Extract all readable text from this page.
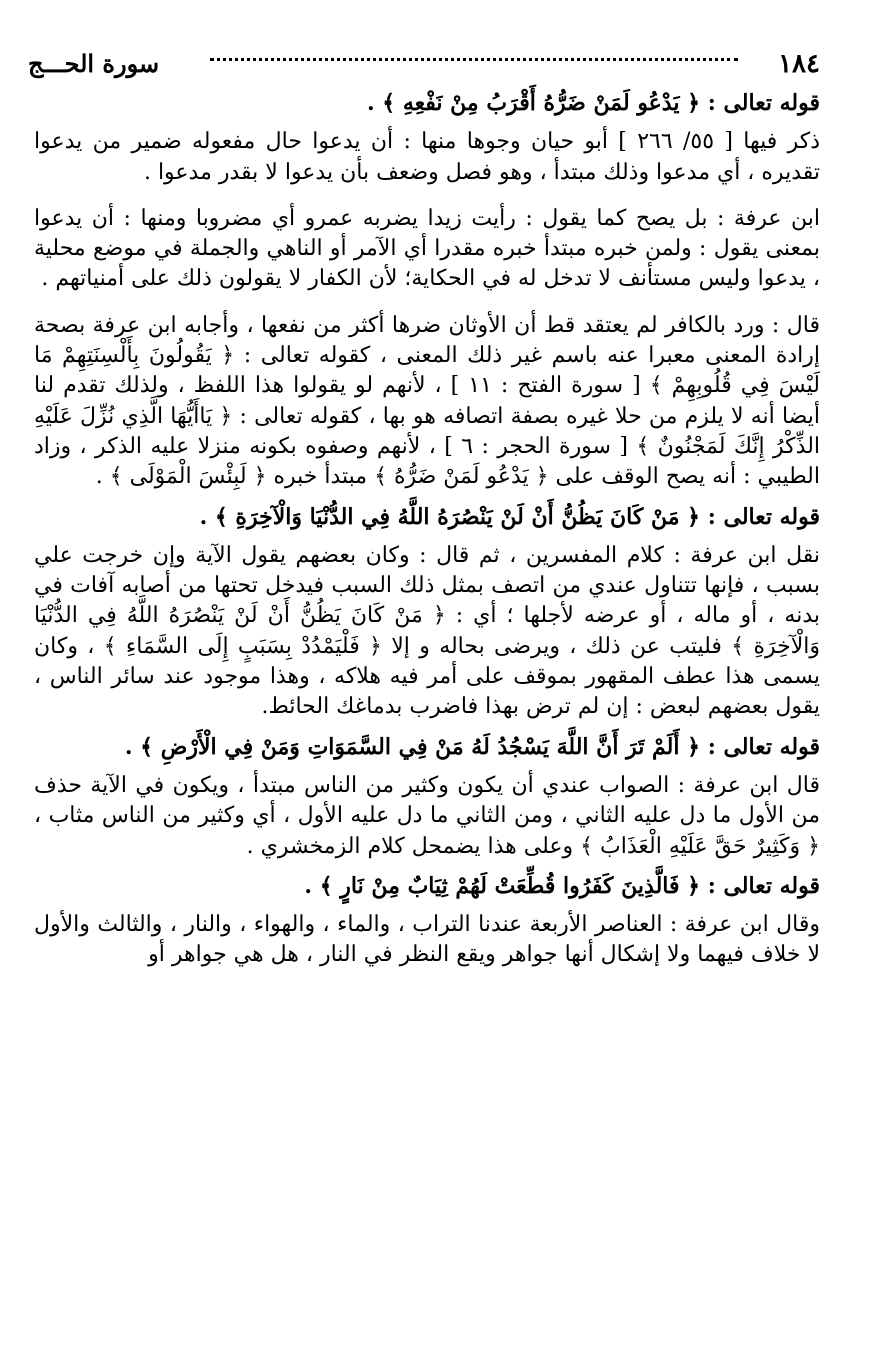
١٨٤
سورة الحـــج

قوله تعالى : ﴿ يَدْعُو لَمَنْ ضَرُّهُ أَقْرَبُ مِنْ نَفْعِهِ ﴾ .

ذكر فيها [ ٥٥/ ٢٦٦ ] أبو حيان وجوها منها : أن يدعوا حال مفعوله ضمير من يدعوا تقديره ، أي مدعوا وذلك مبتدأ ، وهو فصل وضعف بأن يدعوا لا بقدر مدعوا .

ابن عرفة : بل يصح كما يقول : رأيت زيدا يضربه عمرو أي مضروبا ومنها : أن يدعوا بمعنى يقول : ولمن خبره مبتدأ خبره مقدرا أي الآمر أو الناهي والجملة في موضع محلية ، يدعوا وليس مستأنف لا تدخل له في الحكاية؛ لأن الكفار لا يقولون ذلك على أمنياتهم .

قال : ورد بالكافر لم يعتقد قط أن الأوثان ضرها أكثر من نفعها ، وأجابه ابن عرفة بصحة إرادة المعنى معبرا عنه باسم غير ذلك المعنى ، كقوله تعالى : ﴿ يَقُولُونَ بِأَلْسِنَتِهِمْ مَا لَيْسَ فِي قُلُوبِهِمْ ﴾ [ سورة الفتح : ١١ ] ، لأنهم لو يقولوا هذا اللفظ ، ولذلك تقدم لنا أيضا أنه لا يلزم من حلا غيره بصفة اتصافه هو بها ، كقوله تعالى : ﴿ يَاأَيُّهَا الَّذِي نُزِّلَ عَلَيْهِ الذِّكْرُ إِنَّكَ لَمَجْنُونٌ ﴾ [ سورة الحجر : ٦ ] ، لأنهم وصفوه بكونه منزلا عليه الذكر ، وزاد الطيبي : أنه يصح الوقف على ﴿ يَدْعُو لَمَنْ ضَرُّهُ ﴾ مبتدأ خبره ﴿ لَبِئْسَ الْمَوْلَى ﴾ .

قوله تعالى : ﴿ مَنْ كَانَ يَظُنُّ أَنْ لَنْ يَنْصُرَهُ اللَّهُ فِي الدُّنْيَا وَالْآخِرَةِ ﴾ .

نقل ابن عرفة : كلام المفسرين ، ثم قال : وكان بعضهم يقول الآية وإن خرجت علي بسبب ، فإنها تتناول عندي من اتصف بمثل ذلك السبب فيدخل تحتها من أصابه آفات في بدنه ، أو ماله ، أو عرضه لأجلها ؛ أي : ﴿ مَنْ كَانَ يَظُنُّ أَنْ لَنْ يَنْصُرَهُ اللَّهُ فِي الدُّنْيَا وَالْآخِرَةِ ﴾ فليتب عن ذلك ، ويرضى بحاله و إلا ﴿ فَلْيَمْدُدْ بِسَبَبٍ إِلَى السَّمَاءِ ﴾ ، وكان يسمى هذا عطف المقهور بموقف على أمر فيه هلاكه ، وهذا موجود عند سائر الناس ، يقول بعضهم لبعض : إن لم ترض بهذا فاضرب بدماغك الحائط.

قوله تعالى : ﴿ أَلَمْ تَرَ أَنَّ اللَّهَ يَسْجُدُ لَهُ مَنْ فِي السَّمَوَاتِ وَمَنْ فِي الْأَرْضِ ﴾ .

قال ابن عرفة : الصواب عندي أن يكون وكثير من الناس مبتدأ ، ويكون في الآية حذف من الأول ما دل عليه الثاني ، ومن الثاني ما دل عليه الأول ، أي وكثير من الناس مثاب ، ﴿ وَكَثِيرٌ حَقَّ عَلَيْهِ الْعَذَابُ ﴾ وعلى هذا يضمحل كلام الزمخشري .

قوله تعالى : ﴿ فَالَّذِينَ كَفَرُوا قُطِّعَتْ لَهُمْ ثِيَابٌ مِنْ نَارٍ ﴾ .

وقال ابن عرفة : العناصر الأربعة عندنا التراب ، والماء ، والهواء ، والنار ، والثالث والأول لا خلاف فيهما ولا إشكال أنها جواهر ويقع النظر في النار ، هل هي جواهر أو
